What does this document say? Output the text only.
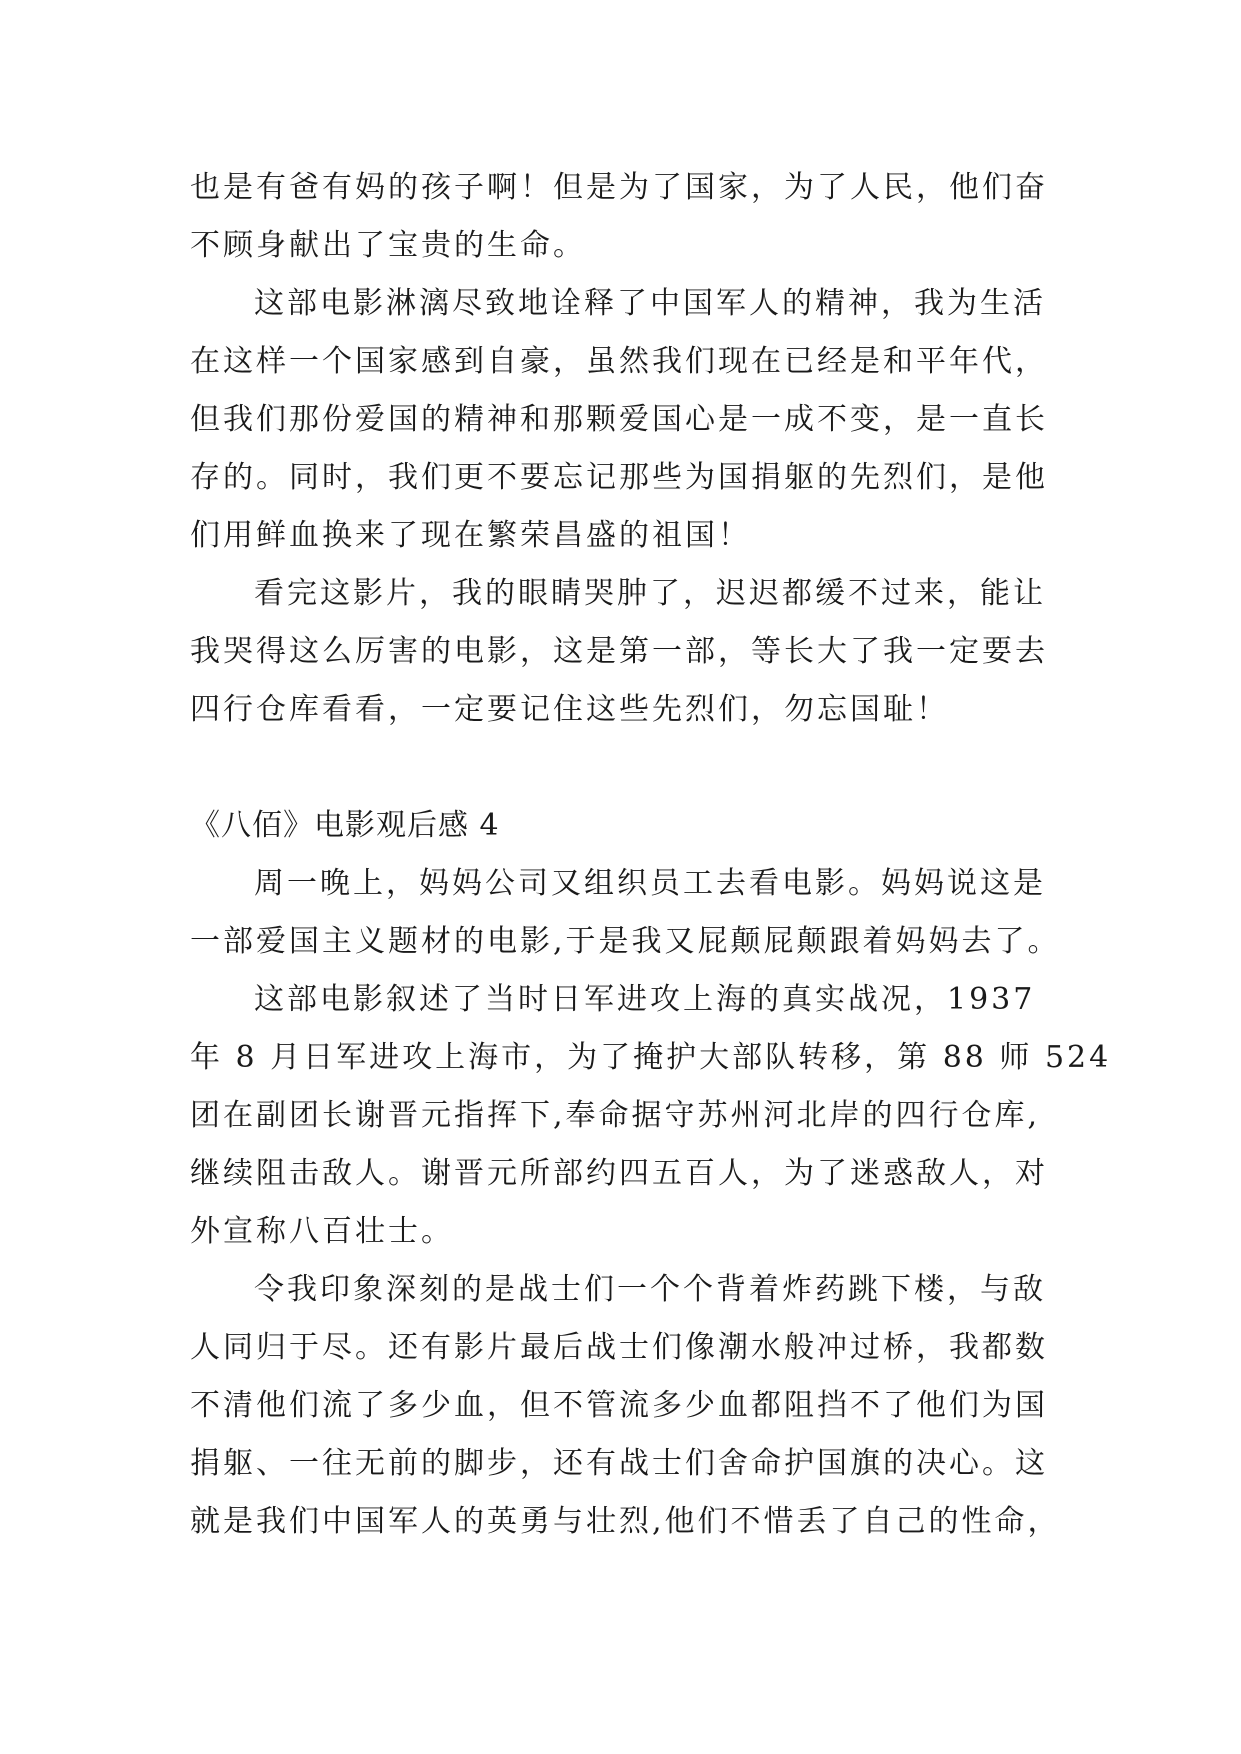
也是有爸有妈的孩子啊！但是为了国家，为了人民，他们奋
不顾身献出了宝贵的生命。
这部电影淋漓尽致地诠释了中国军人的精神，我为生活
在这样一个国家感到自豪，虽然我们现在已经是和平年代，
但我们那份爱国的精神和那颗爱国心是一成不变，是一直长
存的。同时，我们更不要忘记那些为国捐躯的先烈们，是他
们用鲜血换来了现在繁荣昌盛的祖国！
看完这影片，我的眼睛哭肿了，迟迟都缓不过来，能让
我哭得这么厉害的电影，这是第一部，等长大了我一定要去
四行仓库看看，一定要记住这些先烈们，勿忘国耻！
《八佰》电影观后感 4
周一晚上，妈妈公司又组织员工去看电影。妈妈说这是
一部爱国主义题材的电影,于是我又屁颠屁颠跟着妈妈去了。
这部电影叙述了当时日军进攻上海的真实战况，1937
年 8 月日军进攻上海市，为了掩护大部队转移，第 88 师 524
团在副团长谢晋元指挥下,奉命据守苏州河北岸的四行仓库,
继续阻击敌人。谢晋元所部约四五百人，为了迷惑敌人，对
外宣称八百壮士。
令我印象深刻的是战士们一个个背着炸药跳下楼，与敌
人同归于尽。还有影片最后战士们像潮水般冲过桥，我都数
不清他们流了多少血，但不管流多少血都阻挡不了他们为国
捐躯、一往无前的脚步，还有战士们舍命护国旗的决心。这
就是我们中国军人的英勇与壮烈,他们不惜丢了自己的性命，
